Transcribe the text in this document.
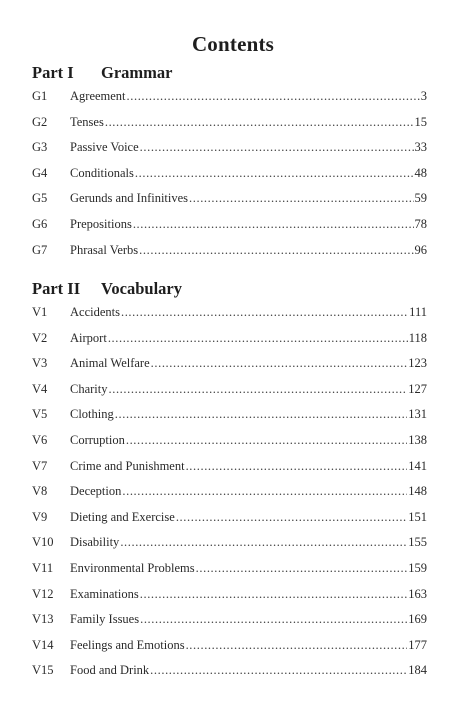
Contents
Part I Grammar
G1	Agreement .....	3
G2	Tenses .....	15
G3	Passive Voice .....	33
G4	Conditionals .....	48
G5	Gerunds and Infinitives .....	59
G6	Prepositions .....	78
G7	Phrasal Verbs .....	96
Part II Vocabulary
V1	Accidents .....	111
V2	Airport .....	118
V3	Animal Welfare .....	123
V4	Charity .....	127
V5	Clothing .....	131
V6	Corruption .....	138
V7	Crime and Punishment .....	141
V8	Deception .....	148
V9	Dieting and Exercise .....	151
V10	Disability .....	155
V11	Environmental Problems .....	159
V12	Examinations .....	163
V13	Family Issues .....	169
V14	Feelings and Emotions .....	177
V15	Food and Drink .....	184
